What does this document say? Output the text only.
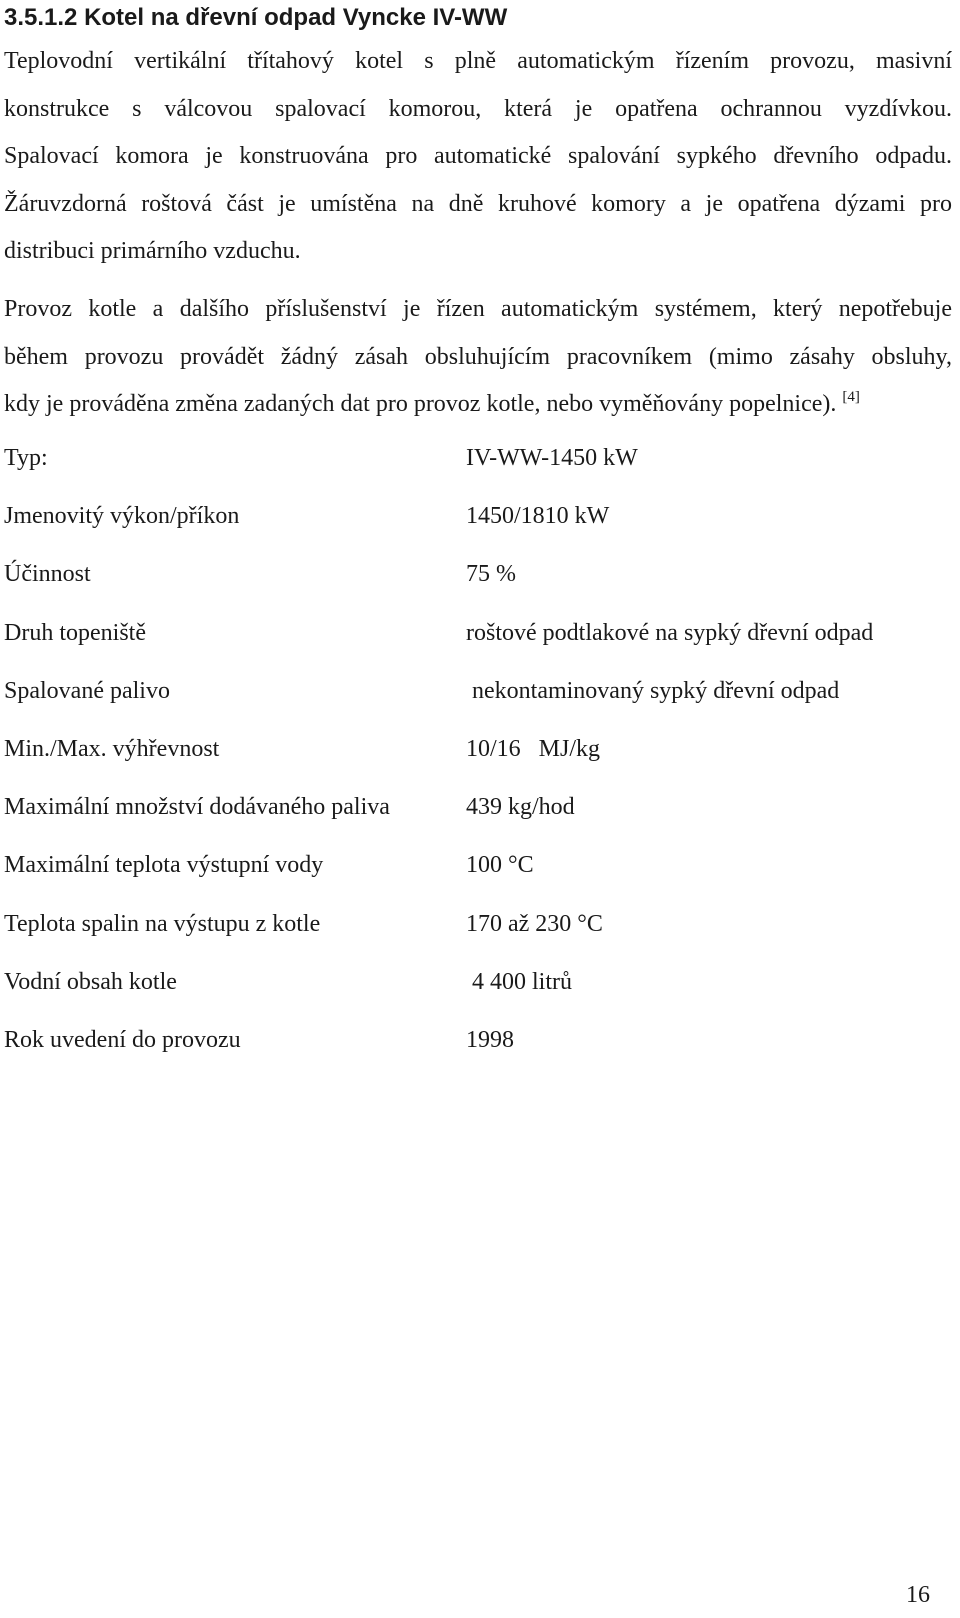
3.5.1.2 Kotel na dřevní odpad Vyncke IV-WW
Teplovodní vertikální třítahový kotel s plně automatickým řízením provozu, masivní
konstrukce s válcovou spalovací komorou, která je opatřena ochrannou vyzdívkou.
Spalovací komora je konstruována pro automatické spalování sypkého dřevního odpadu.
Žáruvzdorná roštová část je umístěna na dně kruhové komory a je opatřena dýzami pro
distribuci primárního vzduchu.
Provoz kotle a dalšího příslušenství je řízen automatickým systémem, který nepotřebuje
během provozu provádět žádný zásah obsluhujícím pracovníkem (mimo zásahy obsluhy,
kdy je prováděna změna zadaných dat pro provoz kotle, nebo vyměňovány popelnice). [4]
Typ:	IV-WW-1450 kW
Jmenovitý výkon/příkon	1450/1810 kW
Účinnost	75 %
Druh topeniště	roštové podtlakové na sypký dřevní odpad
Spalované palivo	nekontaminovaný sypký dřevní odpad
Min./Max. výhřevnost	10/16   MJ/kg
Maximální množství dodávaného paliva	439 kg/hod
Maximální teplota výstupní vody	100 °C
Teplota spalin na výstupu z kotle	170 až 230 °C
Vodní obsah kotle	4 400 litrů
Rok uvedení do provozu	1998
16
